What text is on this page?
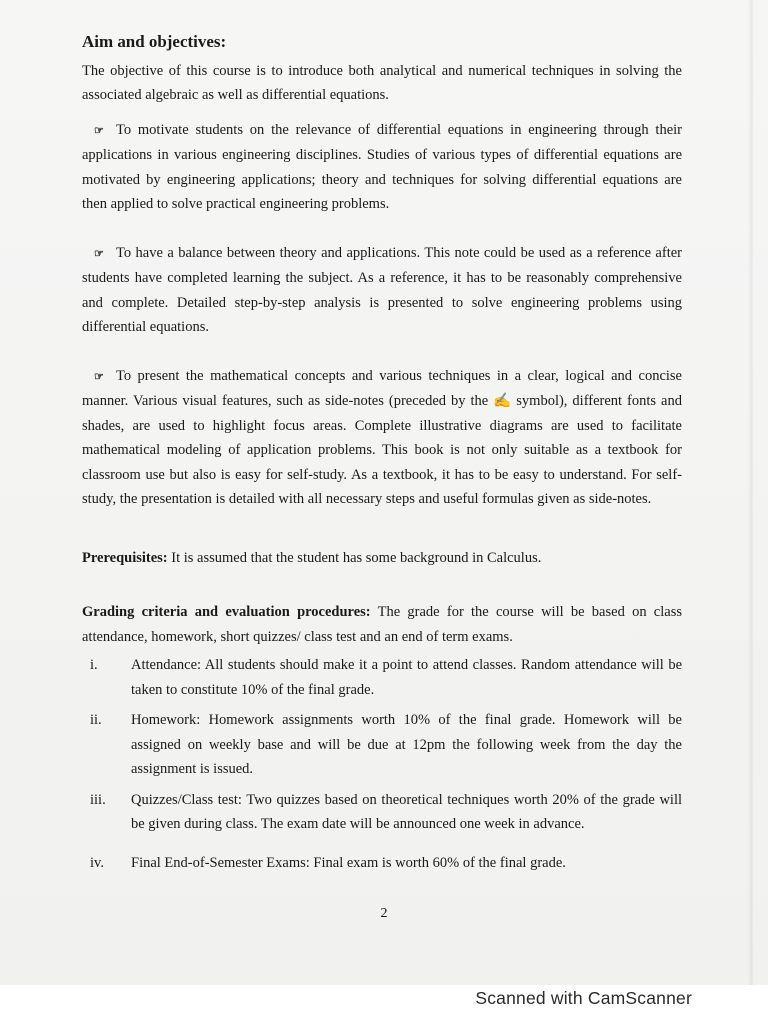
Aim and objectives:

The objective of this course is to introduce both analytical and numerical techniques in solving the associated algebraic as well as differential equations.

☞ To motivate students on the relevance of differential equations in engineering through their applications in various engineering disciplines. Studies of various types of differential equations are motivated by engineering applications; theory and techniques for solving differential equations are then applied to solve practical engineering problems.

☞ To have a balance between theory and applications. This note could be used as a reference after students have completed learning the subject. As a reference, it has to be reasonably comprehensive and complete. Detailed step-by-step analysis is presented to solve engineering problems using differential equations.

☞ To present the mathematical concepts and various techniques in a clear, logical and concise manner. Various visual features, such as side-notes (preceded by the ✍ symbol), different fonts and shades, are used to highlight focus areas. Complete illustrative diagrams are used to facilitate mathematical modeling of application problems. This book is not only suitable as a textbook for classroom use but also is easy for self-study. As a textbook, it has to be easy to understand. For self-study, the presentation is detailed with all necessary steps and useful formulas given as side-notes.

Prerequisites: It is assumed that the student has some background in Calculus.

Grading criteria and evaluation procedures: The grade for the course will be based on class attendance, homework, short quizzes/ class test and an end of term exams.

i.	Attendance: All students should make it a point to attend classes. Random attendance will be taken to constitute 10% of the final grade.
ii.	Homework: Homework assignments worth 10% of the final grade. Homework will be assigned on weekly base and will be due at 12pm the following week from the day the assignment is issued.
iii.	Quizzes/Class test: Two quizzes based on theoretical techniques worth 20% of the grade will be given during class. The exam date will be announced one week in advance.
iv.	Final End-of-Semester Exams: Final exam is worth 60% of the final grade.
2
Scanned with CamScanner
